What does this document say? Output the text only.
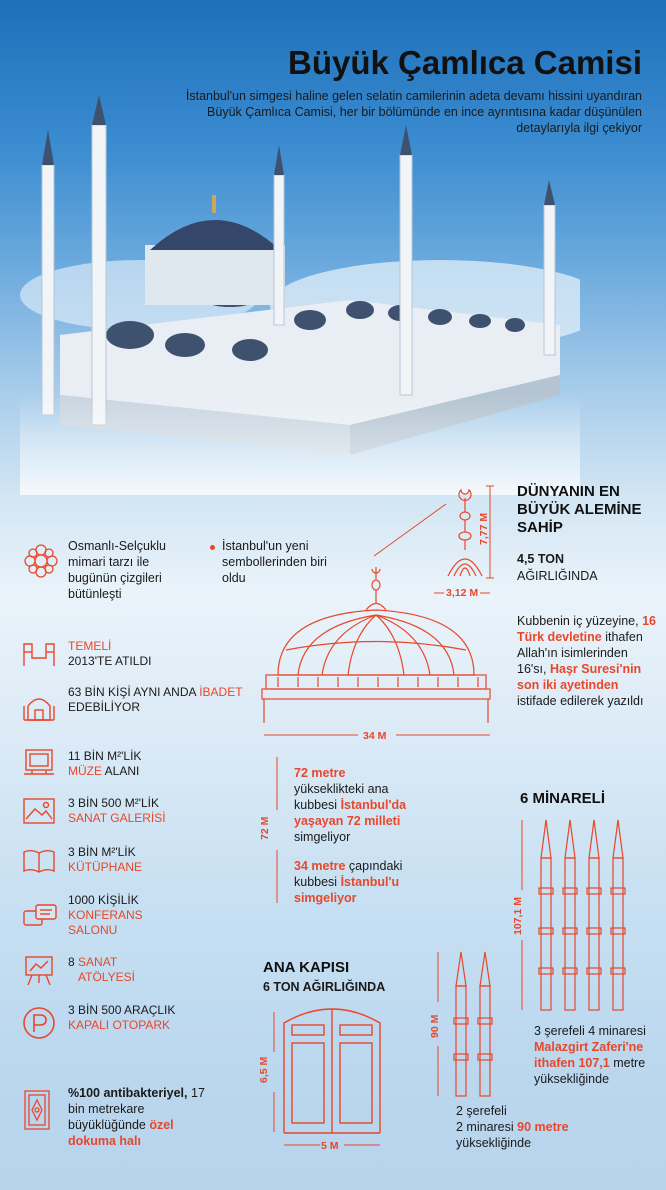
Büyük Çamlıca Camisi
İstanbul'un simgesi haline gelen selatin camilerinin adeta devamı hissini uyandıran Büyük Çamlıca Camisi, her bir bölümünde en ince ayrıntısına kadar düşünülen detaylarıyla ilgi çekiyor
7,77 M
3,12 M
DÜNYANIN EN BÜYÜK ALEMİNE SAHİP
4,5 TON
AĞIRLIĞINDA
Kubbenin iç yüzeyine, 16 Türk devletine ithafen Allah'ın isimlerinden 16'sı, Haşr Suresi'nin son iki ayetinden istifade edilerek yazıldı
Osmanlı-Selçuklu mimari tarzı ile bugünün çizgileri bütünleşti
İstanbul'un yeni sembollerinden biri oldu
34 M
72 M
72 metre
yükseklikteki ana kubbesi İstanbul'da yaşayan 72 milleti simgeliyor
34 metre çapındaki kubbesi İstanbul'u simgeliyor
TEMELİ
2013'TE ATILDI
63 BİN KİŞİ AYNI ANDA İBADET
EDEBİLİYOR
11 BİN M²'LİK
MÜZE ALANI
3 BİN 500 M²'LİK
SANAT GALERİSİ
3 BİN M²'LİK
KÜTÜPHANE
1000 KİŞİLİK
KONFERANS SALONU
8 SANAT ATÖLYESİ
3 BİN 500 ARAÇLIK KAPALI OTOPARK
%100 antibakteriyel, 17 bin metrekare büyüklüğünde özel dokuma halı
ANA KAPISI
6 TON AĞIRLIĞINDA
6,5 M
5 M
6 MİNARELİ
107,1 M
3 şerefeli 4 minaresi Malazgirt Zaferi'ne ithafen 107,1 metre yüksekliğinde
90 M
2 şerefeli
2 minaresi 90 metre
yüksekliğinde
